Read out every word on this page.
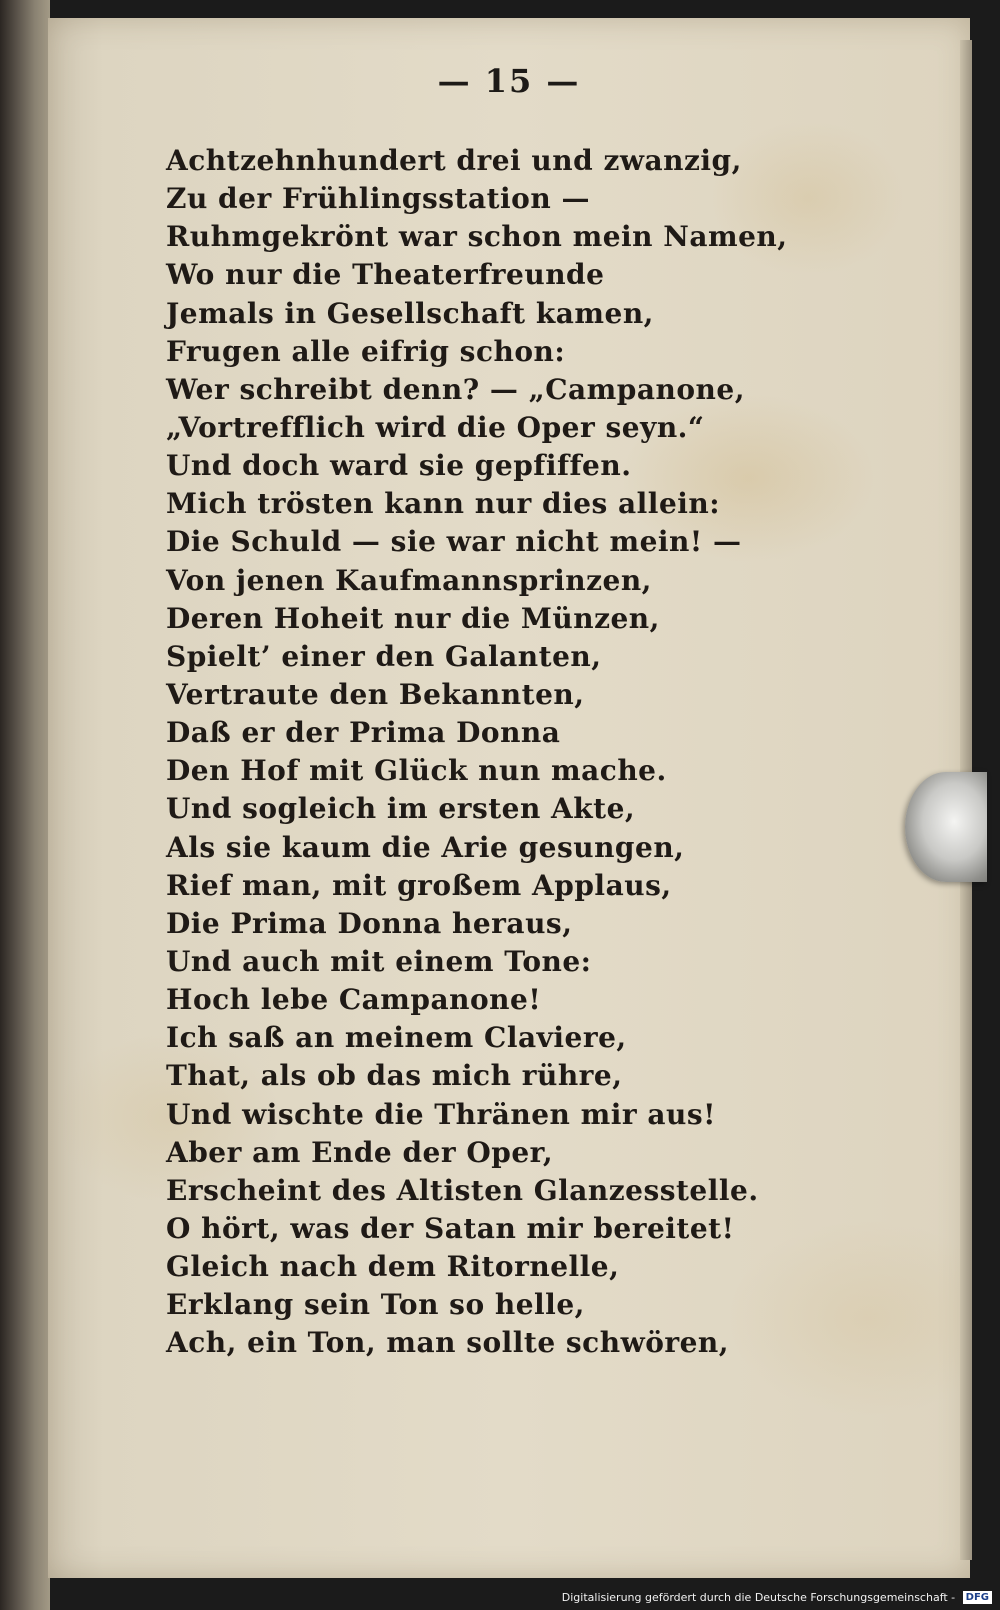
— 15 —
Achtzehnhundert drei und zwanzig,
Zu der Frühlingsstation —
Ruhmgekrönt war schon mein Namen,
Wo nur die Theaterfreunde
Jemals in Gesellschaft kamen,
Frugen alle eifrig schon:
Wer schreibt denn? — „Campanone,
„Vortrefflich wird die Oper seyn.“
Und doch ward sie gepfiffen.
Mich trösten kann nur dies allein:
Die Schuld — sie war nicht mein! —
Von jenen Kaufmannsprinzen,
Deren Hoheit nur die Münzen,
Spielt’ einer den Galanten,
Vertraute den Bekannten,
Daß er der Prima Donna
Den Hof mit Glück nun mache.
Und sogleich im ersten Akte,
Als sie kaum die Arie gesungen,
Rief man, mit großem Applaus,
Die Prima Donna heraus,
Und auch mit einem Tone:
Hoch lebe Campanone!
Ich saß an meinem Claviere,
That, als ob das mich rühre,
Und wischte die Thränen mir aus!
Aber am Ende der Oper,
Erscheint des Altisten Glanzesstelle.
O hört, was der Satan mir bereitet!
Gleich nach dem Ritornelle,
Erklang sein Ton so helle,
Ach, ein Ton, man sollte schwören,
Digitalisierung gefördert durch die Deutsche Forschungsgemeinschaft - DFG
